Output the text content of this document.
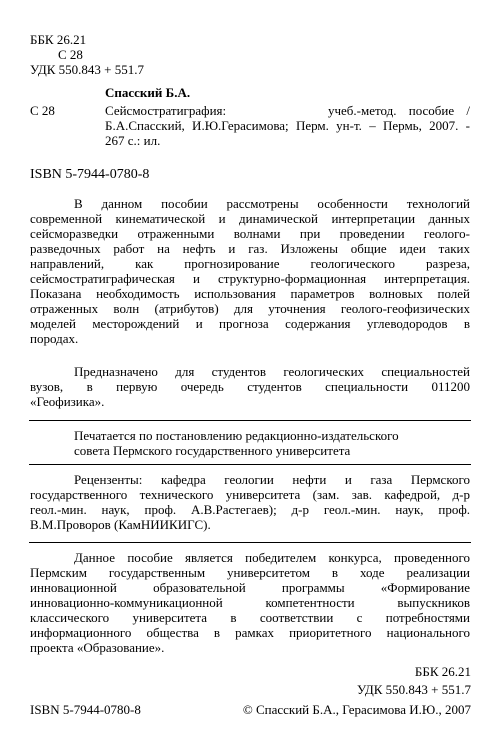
ББК 26.21
С 28
УДК 550.843 + 551.7
Спасский Б.А.
С 28	Сейсмостратиграфия:	учеб.-метод. пособие /
Б.А.Спасский, И.Ю.Герасимова; Перм. ун-т. – Пермь, 2007. -
267 с.: ил.
ISBN 5-7944-0780-8
В данном пособии рассмотрены особенности технологий
современной кинематической и динамической интерпретации данных
сейсморазведки отраженными волнами при проведении геолого-
разведочных работ на нефть и газ. Изложены общие идеи таких
направлений, как прогнозирование геологического разреза,
сейсмостратиграфическая и структурно-формационная интерпретация.
Показана необходимость использования параметров волновых полей
отраженных волн (атрибутов) для уточнения геолого-геофизических
моделей месторождений и прогноза содержания углеводородов в
породах.
Предназначено для студентов геологических специальностей
вузов, в первую очередь студентов специальности 011200
«Геофизика».
Печатается по постановлению редакционно-издательского
совета Пермского государственного университета
Рецензенты: кафедра геологии нефти и газа Пермского
государственного технического университета (зам. зав. кафедрой, д-р
геол.-мин. наук, проф. А.В.Растегаев); д-р геол.-мин. наук, проф.
В.М.Проворов (КамНИИКИГС).
Данное пособие является победителем конкурса, проведенного
Пермским государственным университетом в ходе реализации
инновационной образовательной программы «Формирование
инновационно-коммуникационной компетентности выпускников
классического университета в соответствии с потребностями
информационного общества в рамках приоритетного национального
проекта «Образование».
ББК 26.21
УДК 550.843 + 551.7
ISBN 5-7944-0780-8	© Спасский Б.А., Герасимова И.Ю., 2007
